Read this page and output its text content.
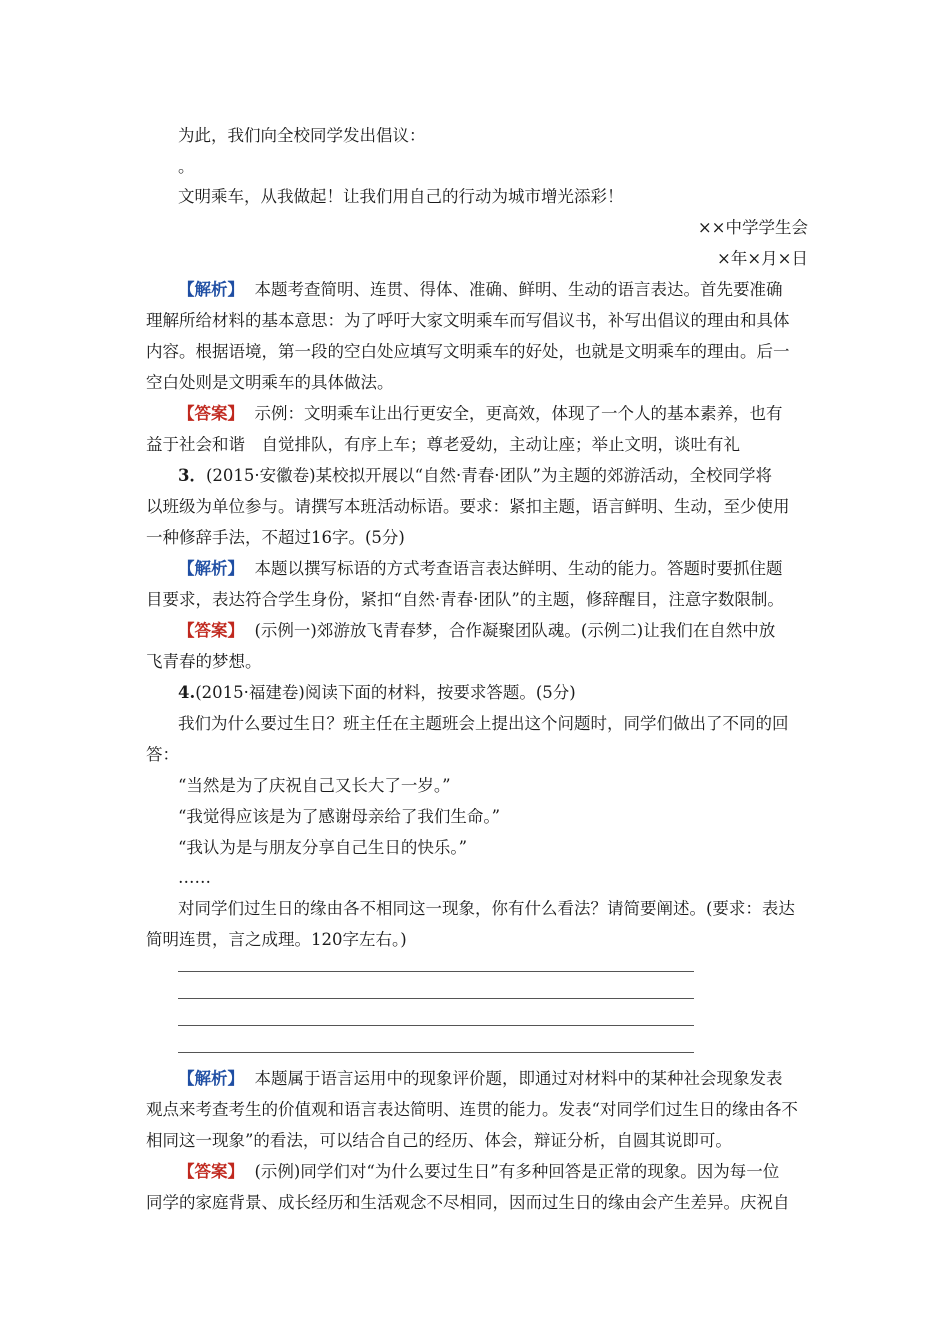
为此，我们向全校同学发出倡议：
。
文明乘车，从我做起！让我们用自己的行动为城市增光添彩！
××中学学生会
×年×月×日
【解析】 本题考查简明、连贯、得体、准确、鲜明、生动的语言表达。首先要准确
理解所给材料的基本意思：为了呼吁大家文明乘车而写倡议书，补写出倡议的理由和具体
内容。根据语境，第一段的空白处应填写文明乘车的好处，也就是文明乘车的理由。后一
空白处则是文明乘车的具体做法。
【答案】 示例：文明乘车让出行更安全，更高效，体现了一个人的基本素养，也有
益于社会和谐　自觉排队，有序上车；尊老爱幼，主动让座；举止文明，谈吐有礼
3．(2015·安徽卷)某校拟开展以“自然·青春·团队”为主题的郊游活动，全校同学将
以班级为单位参与。请撰写本班活动标语。要求：紧扣主题，语言鲜明、生动，至少使用
一种修辞手法，不超过16字。(5分)
【解析】 本题以撰写标语的方式考查语言表达鲜明、生动的能力。答题时要抓住题
目要求，表达符合学生身份，紧扣“自然·青春·团队”的主题，修辞醒目，注意字数限制。
【答案】 (示例一)郊游放飞青春梦，合作凝聚团队魂。(示例二)让我们在自然中放
飞青春的梦想。
4.(2015·福建卷)阅读下面的材料，按要求答题。(5分)
我们为什么要过生日？班主任在主题班会上提出这个问题时，同学们做出了不同的回
答：
“当然是为了庆祝自己又长大了一岁。”
“我觉得应该是为了感谢母亲给了我们生命。”
“我认为是与朋友分享自己生日的快乐。”
……
对同学们过生日的缘由各不相同这一现象，你有什么看法？请简要阐述。(要求：表达
简明连贯，言之成理。120字左右。)
【解析】 本题属于语言运用中的现象评价题，即通过对材料中的某种社会现象发表
观点来考查考生的价值观和语言表达简明、连贯的能力。发表“对同学们过生日的缘由各不
相同这一现象”的看法，可以结合自己的经历、体会，辩证分析，自圆其说即可。
【答案】 (示例)同学们对“为什么要过生日”有多种回答是正常的现象。因为每一位
同学的家庭背景、成长经历和生活观念不尽相同，因而过生日的缘由会产生差异。庆祝自
